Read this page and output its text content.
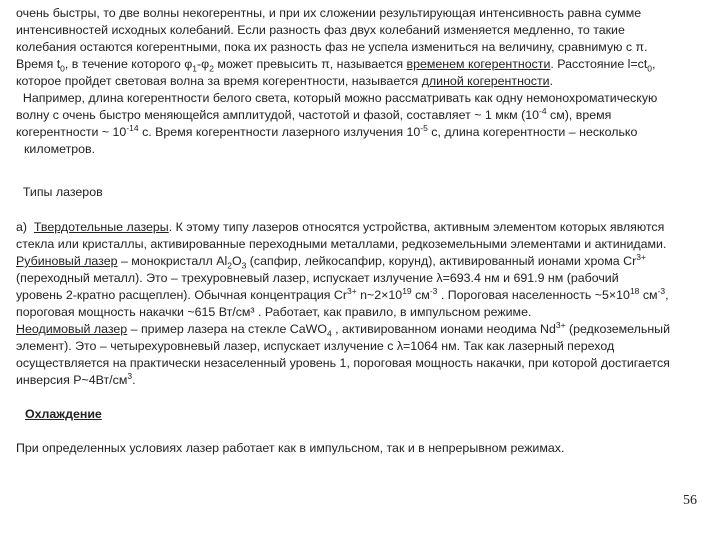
очень быстры, то две волны некогерентны, и при их сложении результирующая интенсивность равна сумме
интенсивностей исходных колебаний. Если разность фаз двух колебаний изменяется медленно, то такие
колебания остаются когерентными, пока их разность фаз не успела измениться на величину, сравнимую с π.
Время $t_0$, в течение которого $\varphi_1-\varphi_2$ может превысить π, называется временем когерентности. Расстояние $l=ct_0$,
которое пройдет световая волна за время когерентности, называется длиной когерентности.
Например, длина когерентности белого света, который можно рассматривать как одну немонохроматическую
волну с очень быстро меняющейся амплитудой, частотой и фазой, составляет ~ 1 мкм ($10^{-4}$ см), время
когерентности ~ $10^{-14}$ с. Время когерентности лазерного излучения $10^{-5}$ с, длина когерентности – несколько
километров.
Типы лазеров
а)  Твердотельные лазеры. К этому типу лазеров относятся устройства, активным элементом которых являются
стекла или кристаллы, активированные переходными металлами, редкоземельными элементами и актинидами.
Рубиновый лазер – монокристалл $Al_2O_3$ (сапфир, лейкосапфир, корунд), активированный ионами хрома $Cr^{3+}$
(переходный металл). Это – трехуровневый лазер, испускает излучение λ=693.4 нм и 691.9 нм (рабочий
уровень 2-кратно расщеплен). Обычная концентрация $Cr^{3+}$ $n\sim 2\times 10^{19}$ $см^{-3}$ . Пороговая населенность $\sim 5\times 10^{18}$ $см^{-3}$,
пороговая мощность накачки ~615 Вт/см³ . Работает, как правило, в импульсном режиме.
Неодимовый лазер – пример лазера на стекле CaWO$_4$ , активированном ионами неодима $Nd^{3+}$ (редкоземельный
элемент). Это – четырехуровневый лазер, испускает излучение с λ=1064 нм. Так как лазерный переход
осуществляется на практически незаселенный уровень 1, пороговая мощность накачки, при которой достигается
инверсия $P\sim 4Вт/см^3$.
Охлаждение
При определенных условиях лазер работает как в импульсном, так и в непрерывном режимах.
56
